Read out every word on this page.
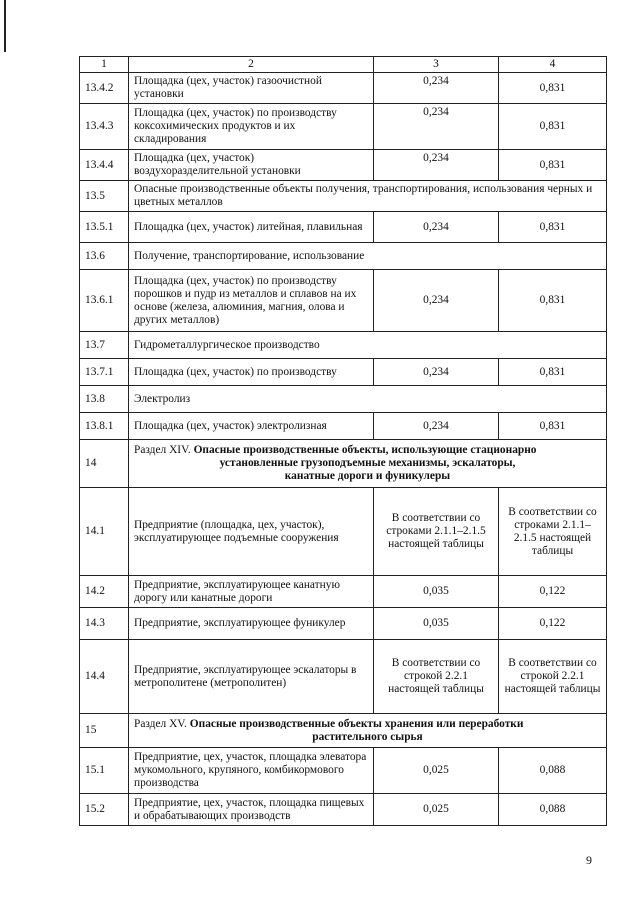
1	2	3	4
13.4.2	Площадка (цех, участок) газоочистной установки	0,234	0,831
13.4.3	Площадка (цех, участок) по производству коксохимических продуктов и их складирования	0,234	0,831
13.4.4	Площадка (цех, участок) воздухоразделительной установки	0,234	0,831
13.5	Опасные производственные объекты получения, транспортирования, использования черных и цветных металлов		
13.5.1	Площадка (цех, участок) литейная, плавильная	0,234	0,831
13.6	Получение, транспортирование, использование		
13.6.1	Площадка (цех, участок) по производству порошков и пудр из металлов и сплавов на их основе (железа, алюминия, магния, олова и других металлов)	0,234	0,831
13.7	Гидрометаллургическое производство		
13.7.1	Площадка (цех, участок) по производству	0,234	0,831
13.8	Электролиз		
13.8.1	Площадка (цех, участок) электролизная	0,234	0,831
14	Раздел XIV. Опасные производственные объекты, использующие стационарно
установленные грузоподъемные механизмы, эскалаторы,
канатные дороги и фуникулеры		

14.1	Предприятие (площадка, цех, участок), эксплуатирующее подъемные сооружения	В соответствии со строками 2.1.1–2.1.5 настоящей таблицы	В соответствии со строками 2.1.1–2.1.5 настоящей таблицы
14.2	Предприятие, эксплуатирующее канатную дорогу или канатные дороги	0,035	0,122
14.3	Предприятие, эксплуатирующее фуникулер	0,035	0,122
14.4	Предприятие, эксплуатирующее эскалаторы в метрополитене (метрополитен)	В соответствии со строкой 2.2.1 настоящей таблицы	В соответствии со строкой 2.2.1 настоящей таблицы
15	Раздел XV. Опасные производственные объекты хранения или переработки
растительного сырья		

15.1	Предприятие, цех, участок, площадка элеватора мукомольного, крупяного, комбикормового производства	0,025	0,088
15.2	Предприятие, цех, участок, площадка пищевых и обрабатывающих производств	0,025	0,088
9
